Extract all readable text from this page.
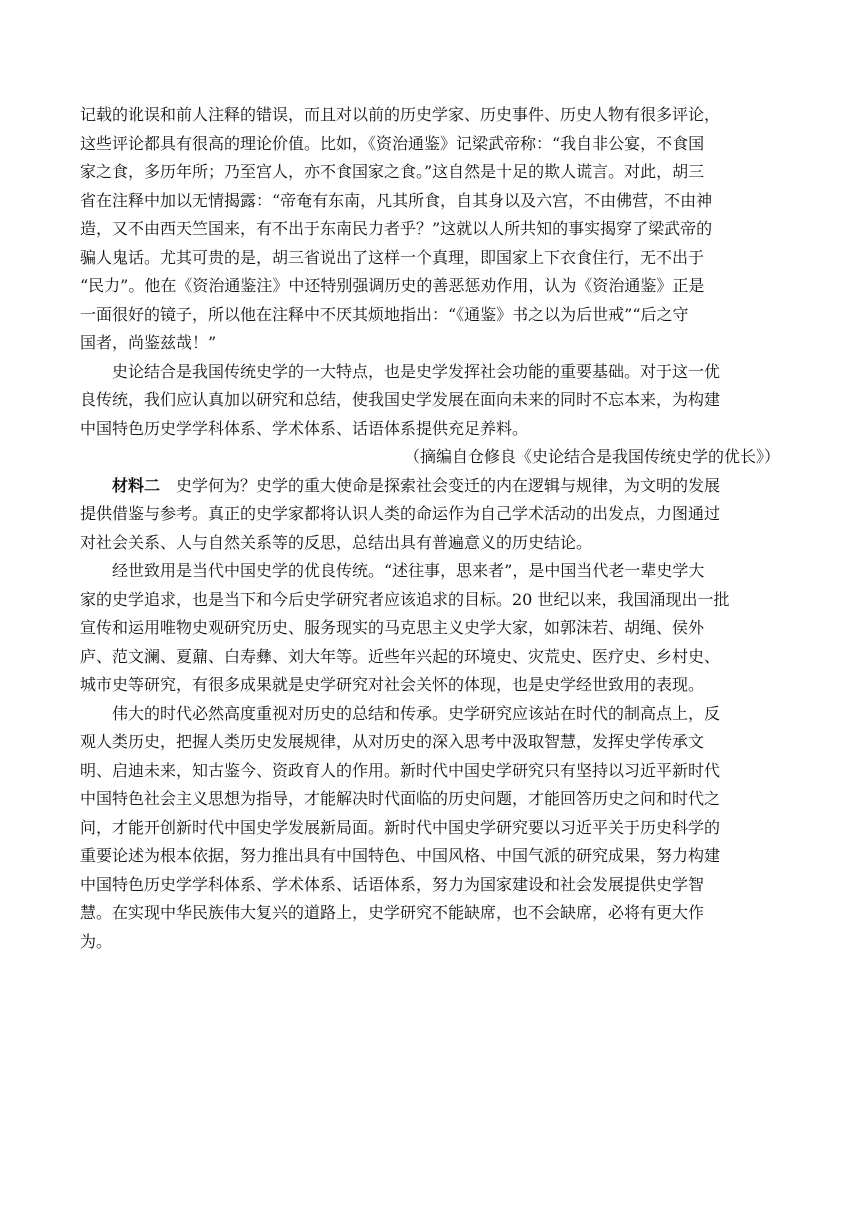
记载的讹误和前人注释的错误，而且对以前的历史学家、历史事件、历史人物有很多评论，
这些评论都具有很高的理论价值。比如，《资治通鉴》记梁武帝称：“我自非公宴，不食国
家之食，多历年所；乃至宫人，亦不食国家之食。”这自然是十足的欺人谎言。对此，胡三
省在注释中加以无情揭露：“帝奄有东南，凡其所食，自其身以及六宫，不由佛营，不由神
造，又不由西天竺国来，有不出于东南民力者乎？”这就以人所共知的事实揭穿了梁武帝的
骗人鬼话。尤其可贵的是，胡三省说出了这样一个真理，即国家上下衣食住行，无不出于
“民力”。他在《资治通鉴注》中还特别强调历史的善恶惩劝作用，认为《资治通鉴》正是
一面很好的镜子，所以他在注释中不厌其烦地指出：“《通鉴》书之以为后世戒”“后之守
国者，尚鉴兹哉！”
史论结合是我国传统史学的一大特点，也是史学发挥社会功能的重要基础。对于这一优
良传统，我们应认真加以研究和总结，使我国史学发展在面向未来的同时不忘本来，为构建
中国特色历史学学科体系、学术体系、话语体系提供充足养料。
（摘编自仓修良《史论结合是我国传统史学的优长》）
材料二　 史学何为？史学的重大使命是探索社会变迁的内在逻辑与规律，为文明的发展
提供借鉴与参考。真正的史学家都将认识人类的命运作为自己学术活动的出发点，力图通过
对社会关系、人与自然关系等的反思，总结出具有普遍意义的历史结论。
经世致用是当代中国史学的优良传统。“述往事，思来者”，是中国当代老一辈史学大
家的史学追求，也是当下和今后史学研究者应该追求的目标。20 世纪以来，我国涌现出一批
宣传和运用唯物史观研究历史、服务现实的马克思主义史学大家，如郭沫若、胡绳、侯外
庐、范文澜、夏鼐、白寿彝、刘大年等。近些年兴起的环境史、灾荒史、医疗史、乡村史、
城市史等研究，有很多成果就是史学研究对社会关怀的体现，也是史学经世致用的表现。
伟大的时代必然高度重视对历史的总结和传承。史学研究应该站在时代的制高点上，反
观人类历史，把握人类历史发展规律，从对历史的深入思考中汲取智慧，发挥史学传承文
明、启迪未来，知古鉴今、资政育人的作用。新时代中国史学研究只有坚持以习近平新时代
中国特色社会主义思想为指导，才能解决时代面临的历史问题，才能回答历史之问和时代之
问，才能开创新时代中国史学发展新局面。新时代中国史学研究要以习近平关于历史科学的
重要论述为根本依据，努力推出具有中国特色、中国风格、中国气派的研究成果，努力构建
中国特色历史学学科体系、学术体系、话语体系，努力为国家建设和社会发展提供史学智
慧。在实现中华民族伟大复兴的道路上，史学研究不能缺席，也不会缺席，必将有更大作
为。
